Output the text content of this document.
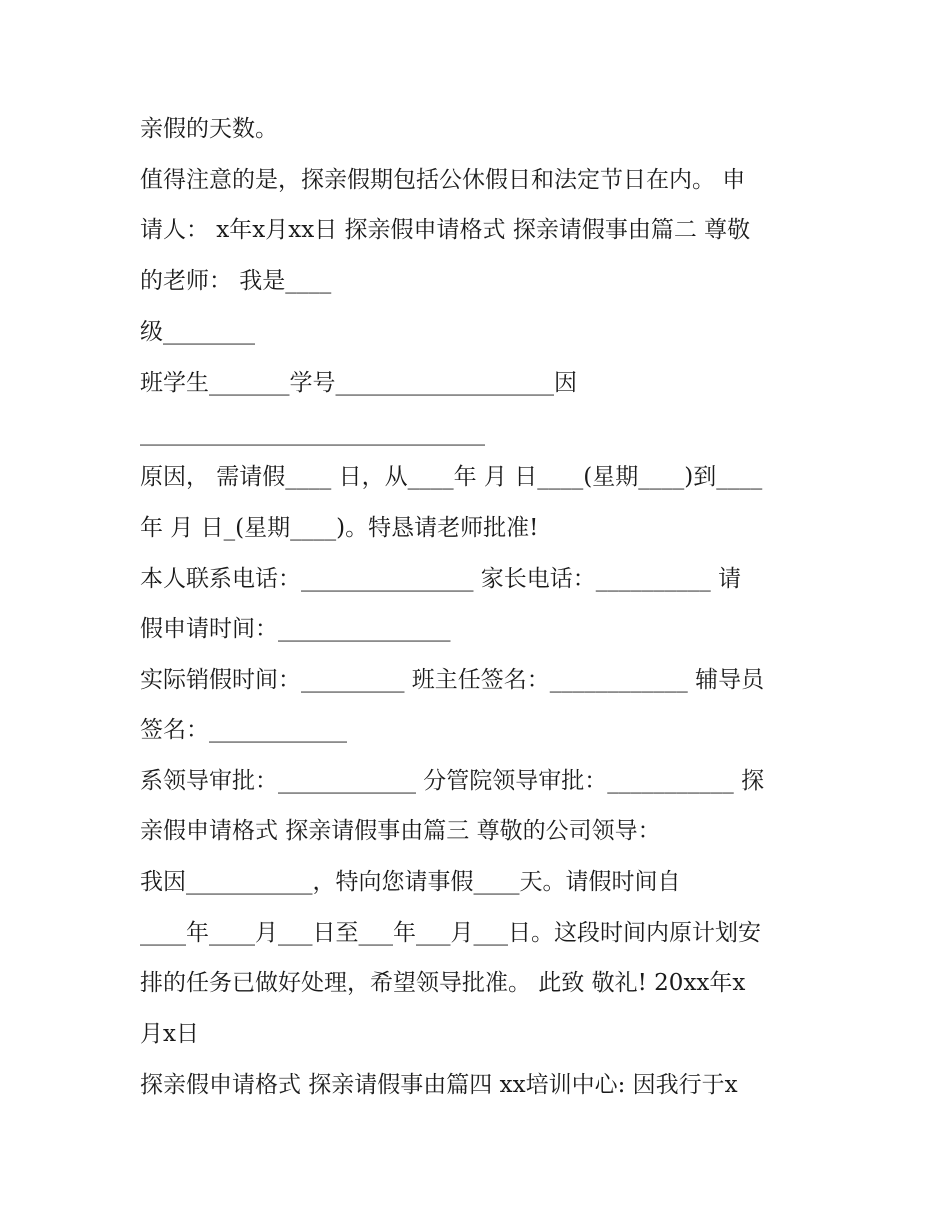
亲假的天数。
值得注意的是，探亲假期包括公休假日和法定节日在内。 申
请人： x年x月xx日 探亲假申请格式 探亲请假事由篇二 尊敬
的老师： 我是____
级________
班学生_______学号___________________因
______________________________
原因， 需请假____ 日，从____年 月 日____(星期____)到____
年 月 日_(星期____)。特恳请老师批准!
本人联系电话：_______________ 家长电话：__________ 请
假申请时间：_______________
实际销假时间：_________ 班主任签名：____________ 辅导员
签名：____________
系领导审批：____________ 分管院领导审批：___________ 探
亲假申请格式 探亲请假事由篇三 尊敬的公司领导：
我因___________，特向您请事假____天。请假时间自
____年____月___日至___年___月___日。这段时间内原计划安
排的任务已做好处理，希望领导批准。 此致 敬礼! 20xx年x
月x日
探亲假申请格式 探亲请假事由篇四 xx培训中心: 因我行于x
